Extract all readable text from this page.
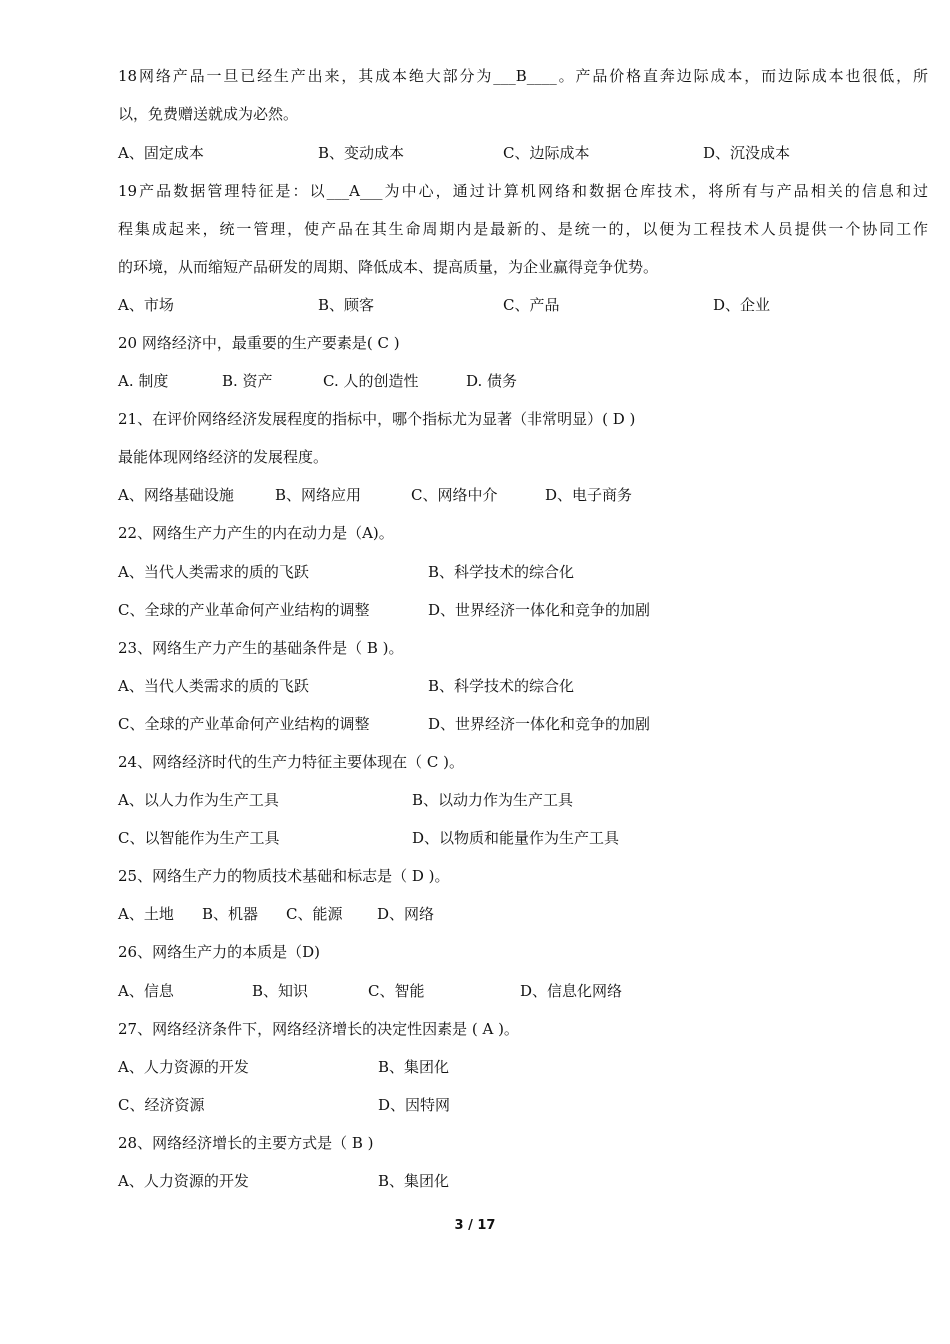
18网络产品一旦已经生产出来，其成本绝大部分为___B____。产品价格直奔边际成本，而边际成本也很低，所
以，免费赠送就成为必然。
A、固定成本	B、变动成本	C、边际成本	D、沉没成本
19产品数据管理特征是：以___A___为中心，通过计算机网络和数据仓库技术，将所有与产品相关的信息和过
程集成起来，统一管理，使产品在其生命周期内是最新的、是统一的，以便为工程技术人员提供一个协同工作
的环境，从而缩短产品研发的周期、降低成本、提高质量，为企业赢得竞争优势。
A、市场	B、顾客	C、产品	D、企业
20 网络经济中，最重要的生产要素是( C )
A. 制度	B. 资产	C. 人的创造性	D. 债务
21、在评价网络经济发展程度的指标中，哪个指标尤为显著（非常明显）( D )
最能体现网络经济的发展程度。
A、网络基础设施	B、网络应用	C、网络中介	D、电子商务
22、网络生产力产生的内在动力是（A)。
A、当代人类需求的质的飞跃	B、科学技术的综合化
C、全球的产业革命何产业结构的调整	D、世界经济一体化和竞争的加剧
23、网络生产力产生的基础条件是（ B )。
A、当代人类需求的质的飞跃	B、科学技术的综合化
C、全球的产业革命何产业结构的调整	D、世界经济一体化和竞争的加剧
24、网络经济时代的生产力特征主要体现在（ C )。
A、以人力作为生产工具	B、以动力作为生产工具
C、以智能作为生产工具	D、以物质和能量作为生产工具
25、网络生产力的物质技术基础和标志是（ D )。
A、土地 B、机器 C、能源 D、网络
26、网络生产力的本质是（D)
A、信息	B、知识	C、智能	D、信息化网络
27、网络经济条件下，网络经济增长的决定性因素是 ( A )。
A、人力资源的开发	B、集团化
C、经济资源	D、因特网
28、网络经济增长的主要方式是（ B )
A、人力资源的开发	B、集团化
3 / 17
